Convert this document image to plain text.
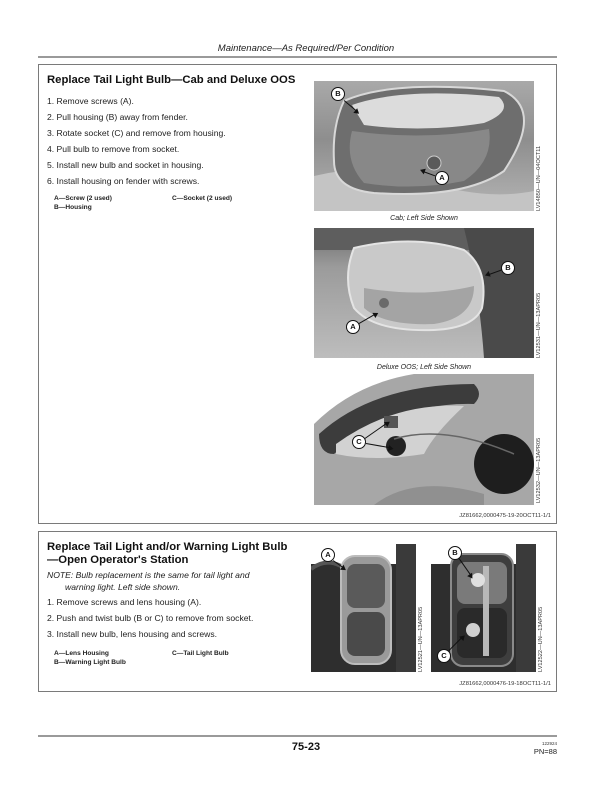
Maintenance—As Required/Per Condition
Replace Tail Light Bulb—Cab and Deluxe OOS
1. Remove screws (A).
2. Pull housing (B) away from fender.
3. Rotate socket (C) and remove from housing.
4. Pull bulb to remove from socket.
5. Install new bulb and socket in housing.
6. Install housing on fender with screws.
A—Screw (2 used)
B—Housing
C—Socket (2 used)
B
A	LV14850—UN—04OCT11
Cab; Left Side Shown
B
A	LV12531—UN—13APR05
Deluxe OOS; Left Side Shown
C	LV12532—UN—13APR05
JZ81662,0000475-19-20OCT11-1/1
Replace Tail Light and/or Warning Light Bulb
—Open Operator's Station
NOTE: Bulb replacement is the same for tail light and
warning light. Left side shown.
1. Remove screws and lens housing (A).
2. Push and twist bulb (B or C) to remove from socket.
3. Install new bulb, lens housing and screws.
A—Lens Housing
B—Warning Light Bulb
C—Tail Light Bulb
A
LV12521—UN—13APR05
B
C	LV12522—UN—13APR05
JZ81662,0000476-19-18OCT11-1/1
75-23	122924
PN=88
